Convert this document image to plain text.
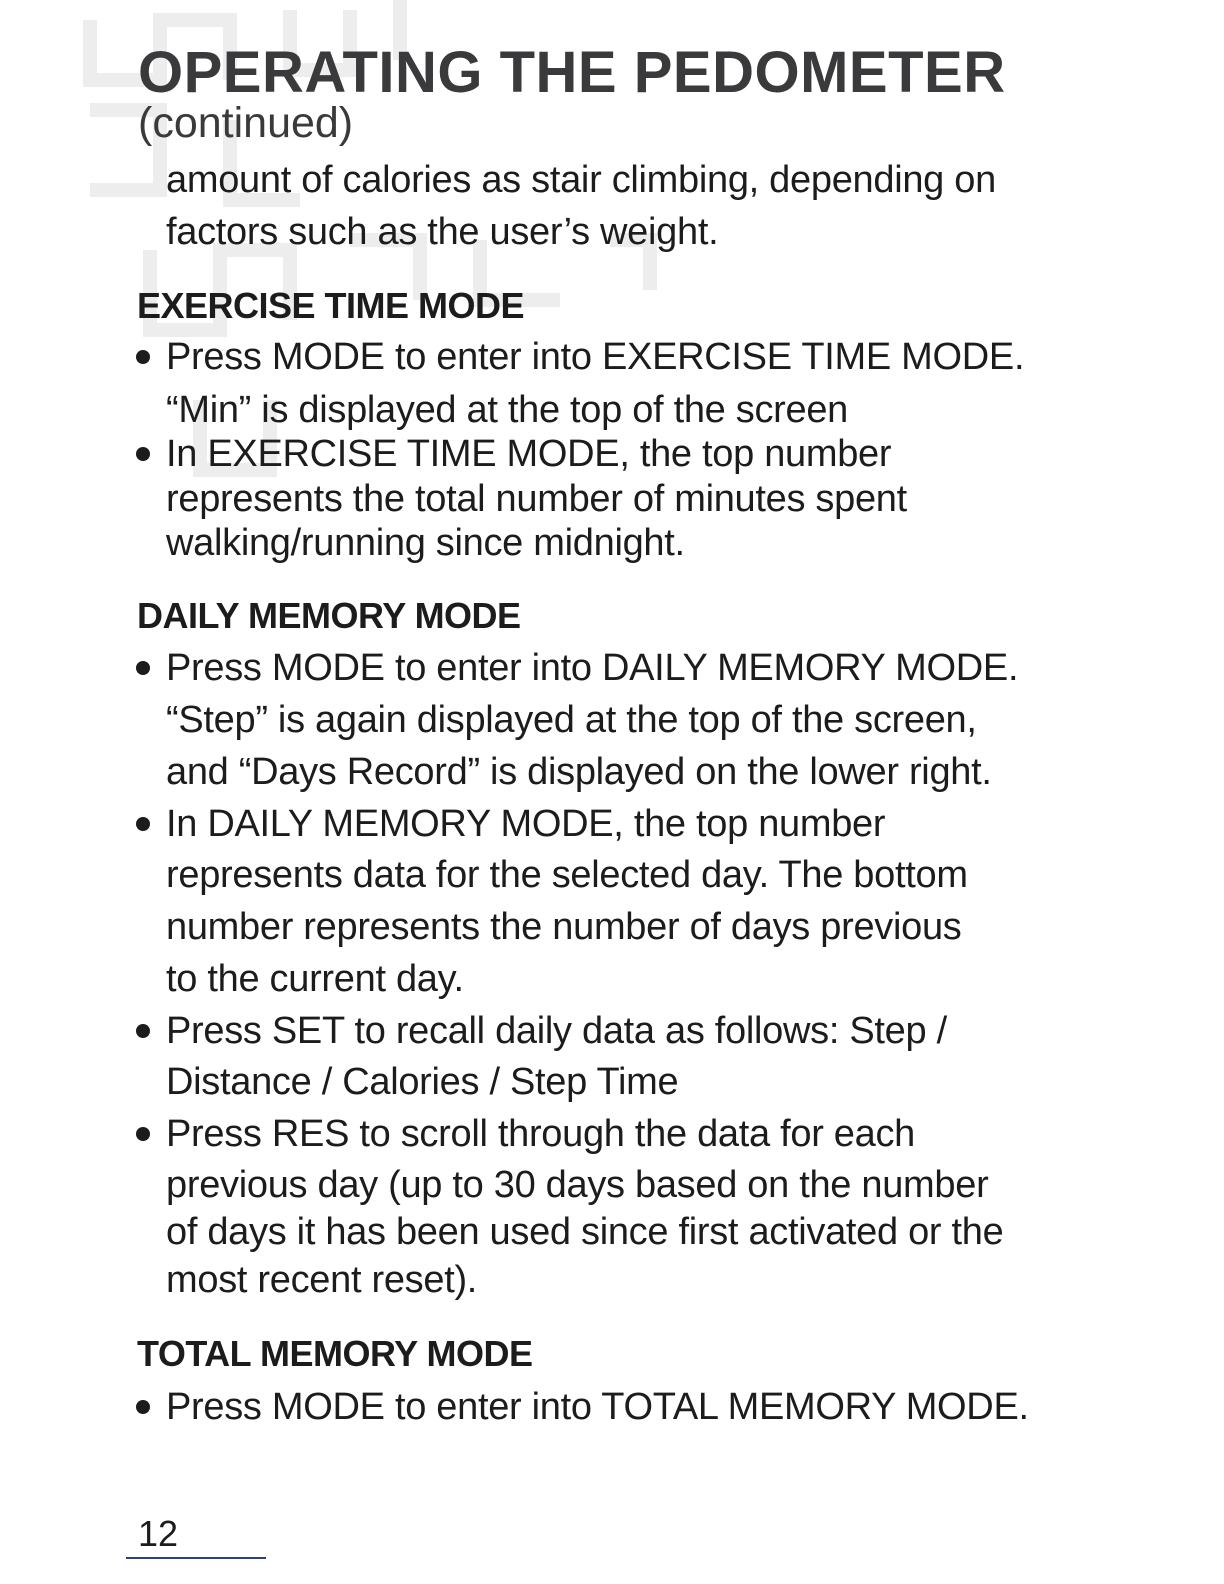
OPERATING THE PEDOMETER
(continued)
amount of calories as stair climbing, depending on
factors such as the user’s weight.
EXERCISE TIME MODE
Press MODE to enter into EXERCISE TIME MODE.
“Min” is displayed at the top of the screen
In EXERCISE TIME MODE, the top number
represents the total number of minutes spent
walking/running since midnight.
DAILY MEMORY MODE
Press MODE to enter into DAILY MEMORY MODE.
“Step” is again displayed at the top of the screen,
and “Days Record” is displayed on the lower right.
In DAILY MEMORY MODE, the top number
represents data for the selected day. The bottom
number represents the number of days previous
to the current day.
Press SET to recall daily data as follows: Step /
Distance / Calories / Step Time
Press RES to scroll through the data for each
previous day (up to 30 days based on the number
of days it has been used since first activated or the
most recent reset).
TOTAL MEMORY MODE
Press MODE to enter into TOTAL MEMORY MODE.
12
